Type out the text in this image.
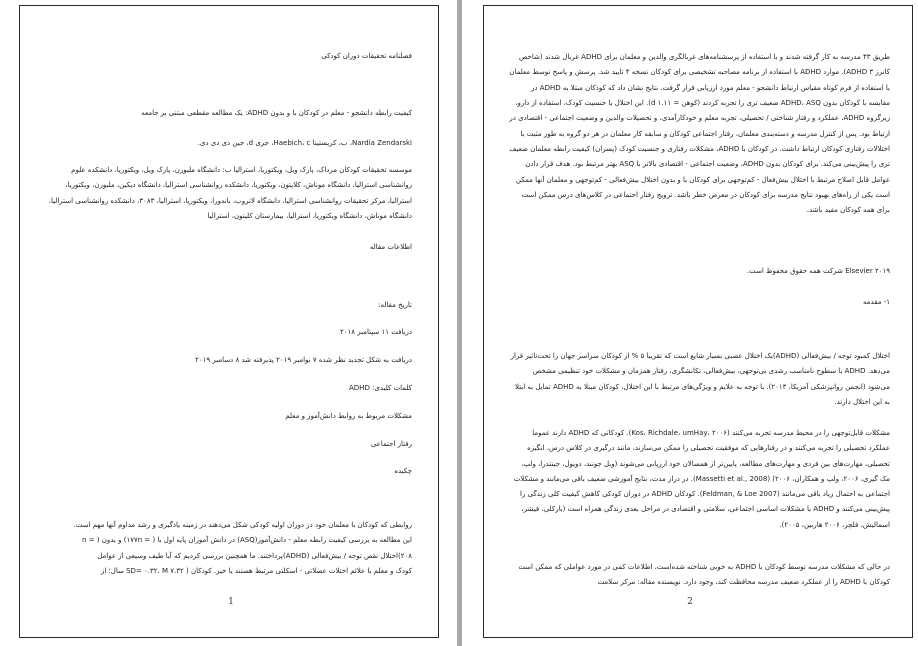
فصلنامه تحقیقات دوران کودکی
کیفیت رابطه دانشجو - معلم در کودکان با و بدون ADHD: یک مطالعه مقطعی مبتنی بر جامعه
Nardia Zendarski، ب، کریستینا Haebich، c، جری d، جین دی دی دی.
موسسه تحقیقات کودکان مرداک، پارک ویل، ویکتوریا، استرالیا ب: دانشگاه ملبورن، پارک ویل، ویکتوریا، دانشکده علوم روانشناسی استرالیا، دانشگاه موناش، کلایتون، ویکتوریا، دانشکده روانشناسی استرالیا، دانشگاه دیکین، ملبورن، ویکتوریا، استرالیا، مرکز تحقیقات روانشناسی استرالیا، دانشگاه لاتروب، باندورا، ویکتوریا، استرالیا، ۳۰۸۳، دانشکده روانشناسی استرالیا، دانشگاه موناش، دانشگاه ویکتوریا، استرالیا، بیمارستان کلیتون، استرالیا
اطلاعات مقاله
تاریخ مقاله:
دریافت ۱۱ سپتامبر ۲۰۱۸
دریافت به شکل تجدید نظر شده ۷ نوامبر ۲۰۱۹ پذیرفته شد ۸ دسامبر ۲۰۱۹
کلمات کلیدی: ADHD
مشکلات مربوط به روابط دانش‌آموز و معلم
رفتار اجتماعی
چکیده
روابطی که کودکان با معلمان خود در دوران اولیه کودکی شکل می‌دهند در زمینه یادگیری و رشد مداوم آنها مهم است.
این مطالعه به بررسی کیفیت رابطه معلم - دانش‌آموز(ASQ) در دانش آموزان پایه اول با ( = ۱۷۷n) و بدون ( = n
۲۰۸)اختلال نقص توجه / بیش‌فعالی (ADHD)پرداختند. ما همچنین بررسی کردیم که آیا طیف وسیعی از عوامل
کودک و معلم با علائم اختلات عضلاتی - اسکلتی مرتبط هستند یا خیر. کودکان ( SD= ۰.۳۲، M ۷.۳۲ سال؛ از
1
طریق ۴۳ مدرسه به کار گرفته شدند و با استفاده از پرسشنامه‌های غربالگری والدین و معلمان برای ADHD غربال شدند (شاخص کانرز ۳ ADHD). موارد ADHD با استفاده از برنامه مصاحبه تشخیصی برای کودکان نسخه ۴ تایید شد. پرسش و پاسخ توسط معلمان با استفاده از فرم کوتاه مقیاس ارتباط دانشجو - معلم مورد ارزیابی قرار گرفت. نتایج نشان داد که کودکان مبتلا به ADHD در مقایسه با کودکان بدون ADHD، ASQ ضعیف تری را تجربه کردند (کوهن = d ۱.۱۱). این اختلال با جنسیت کودک، استفاده از دارو، زیرگروه ADHD، عملکرد و رفتار شناختی / تحصیلی، تجربه معلم و خودکارآمدی، و تحصیلات والدین و وضعیت اجتماعی - اقتصادی در ارتباط بود. پس از کنترل مدرسه و دسته‌بندی معلمان، رفتار اجتماعی کودکان و سابقه کار معلمان در هر دو گروه به طور مثبت با اختلالات رفتاری کودکان ارتباط داشت. در کودکان با ADHD، مشکلات رفتاری و جنسیت کودک (پسران) کیفیت رابطه معلمان ضعیف تری را پیش‌بینی می‌کند. برای کودکان بدون ADHD، وضعیت اجتماعی - اقتصادی بالاتر با ASQ بهتر مرتبط بود. هدف قرار دادن عوامل قابل اصلاح مرتبط با اختلال بیش‌فعال - کم‌توجهی برای کودکان با و بدون اختلال بیش‌فعالی - کم‌توجهی و معلمان آنها ممکن است یکی از راه‌های بهبود نتایج مدرسه برای کودکان در معرض خطر باشد. ترویج رفتار اجتماعی در کلاس‌های درس ممکن است برای همه کودکان مفید باشد.
Elsevier ۲۰۱۹ شرکت همه حقوق محفوظ است.
۱- مقدمه
اختلال کمبود توجه / بیش‌فعالی (ADHD)یک اختلال عصبی بسیار شایع است که تقریبا ۵ % از کودکان سراسر جهان را تحت‌تاثیر قرار می‌دهد. ADHD با سطوح نامناسب رشدی بی‌توجهی، بیش‌فعالی، تکانشگری، رفتار همزمان و مشکلات خود تنظیمی مشخص می‌شود (انجمن روانپزشکی آمریکا، ۲۰۱۳). با توجه به علایم و ویژگی‌های مرتبط با این اختلال، کودکان مبتلا به ADHD تمایل به ابتلا به این اختلال دارند.
مشکلات قابل‌توجهی را در محیط مدرسه تجربه می‌کنند (Kos، Richdale، umHay، ۲۰۰۶). کودکانی که ADHD دارند عموما عملکرد تحصیلی را تجربه می‌کنند و در رفتارهایی که موفقیت تحصیلی را ممکن می‌سازند، مانند درگیری در کلاس درس، انگیزه تحصیلی، مهارت‌های بین فردی و مهارت‌های مطالعه، پایین‌تر از همسالان خود ارزیابی می‌شوند (وبل جونند، دویول، جینتدرا، ولپ، مک گیری، ۲۰۰۶، ولپ و همکاران، ۲۰۰۶) (Massetti et al., 2008). در دراز مدت، نتایج آموزشی ضعیف باقی می‌مانند و مشکلات اجتماعی به احتمال زیاد باقی می‌مانند (Feldman, & Loe 2007). کودکان ADHD در دوران کودکی کاهش کیفیت کلی زندگی را پیش‌بینی می‌کنند و ADHD با مشکلات اساسی اجتماعی، سلامتی و اقتصادی در مراحل بعدی زندگی همراه است (بارکلی، فیشر، اسمالیش، فلچر، ۲۰۰۶ هاربین، ۲۰۰۵).
در حالی که مشکلات مدرسه توسط کودکان با ADHD به خوبی شناخته شده‌است، اطلاعات کمی در مورد عواملی که ممکن است کودکان با ADHD را از عملکرد ضعیف مدرسه محافظت کند، وجود دارد. نویسنده مقاله: مرکز سلامت
2
